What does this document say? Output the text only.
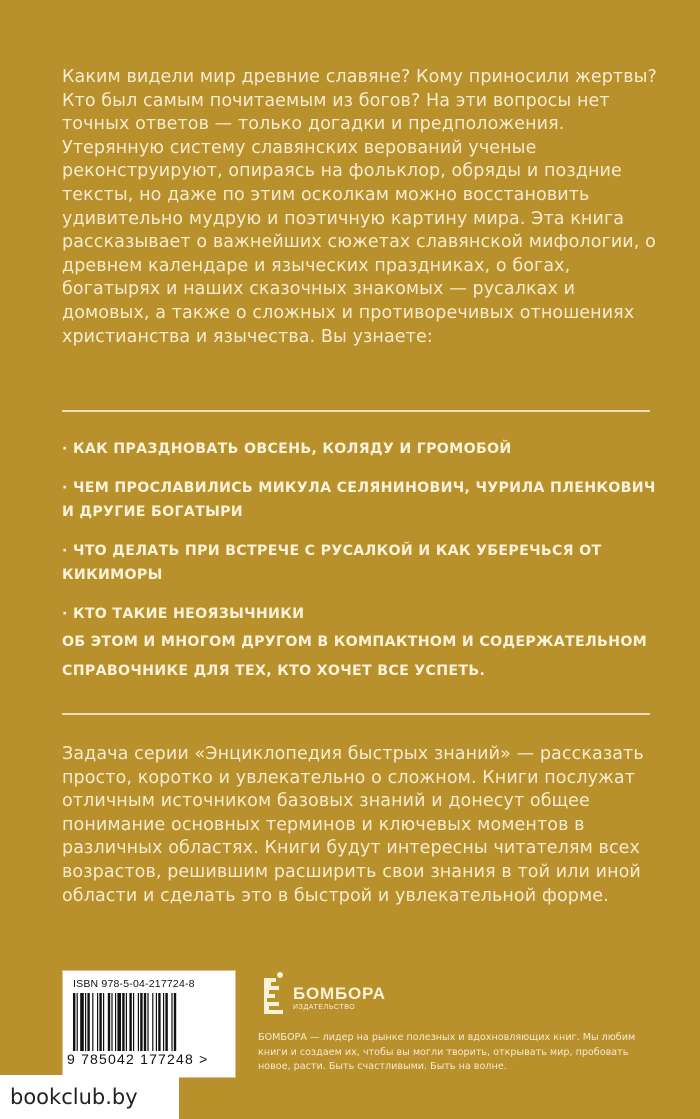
Каким видели мир древние славяне? Кому приносили жертвы? Кто был самым почитаемым из богов? На эти вопросы нет точных ответов — только догадки и предположения. Утерянную систему славянских верований ученые реконструируют, опираясь на фольклор, обряды и поздние тексты, но даже по этим осколкам можно восстановить удивительно мудрую и поэтичную картину мира. Эта книга рассказывает о важнейших сюжетах славянской мифологии, о древнем календаре и языческих праздниках, о богах, богатырях и наших сказочных знакомых — русалках и домовых, а также о сложных и противоречивых отношениях христианства и язычества. Вы узнаете:

· КАК ПРАЗДНОВАТЬ ОВСЕНЬ, КОЛЯДУ И ГРОМОБОЙ
· ЧЕМ ПРОСЛАВИЛИСЬ МИКУЛА СЕЛЯНИНОВИЧ, ЧУРИЛА ПЛЕНКОВИЧ И ДРУГИЕ БОГАТЫРИ
· ЧТО ДЕЛАТЬ ПРИ ВСТРЕЧЕ С РУСАЛКОЙ И КАК УБЕРЕЧЬСЯ ОТ КИКИМОРЫ
· КТО ТАКИЕ НЕОЯЗЫЧНИКИ

ОБ ЭТОМ И МНОГОМ ДРУГОМ В КОМПАКТНОМ И СОДЕРЖАТЕЛЬНОМ СПРАВОЧНИКЕ ДЛЯ ТЕХ, КТО ХОЧЕТ ВСЕ УСПЕТЬ.

Задача серии «Энциклопедия быстрых знаний» — рассказать просто, коротко и увлекательно о сложном. Книги послужат отличным источником базовых знаний и донесут общее понимание основных терминов и ключевых моментов в различных областях. Книги будут интересны читателям всех возрастов, решившим расширить свои знания в той или иной области и сделать это в быстрой и увлекательной форме.

ISBN 978-5-04-217724-8
9 785042 177248 >
БОМБОРА
ИЗДАТЕЛЬСТВО

БОМБОРА — лидер на рынке полезных и вдохновляющих книг. Мы любим книги и создаем их, чтобы вы могли творить, открывать мир, пробовать новое, расти. Быть счастливыми. Быть на волне.

bookclub.by
